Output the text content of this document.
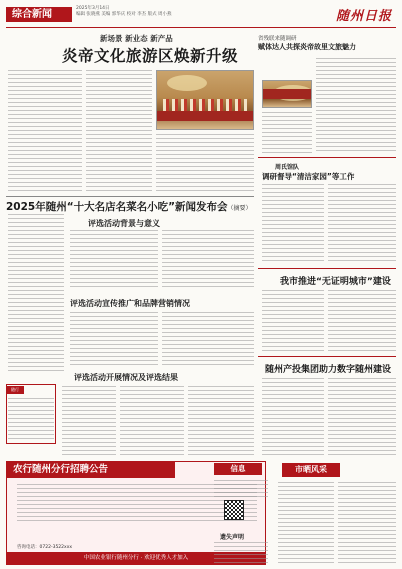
综合新闻
2025年3月14日
编辑 张晓燕 美编 郭华庆 校对 李杰 版式 周小燕	随州日报
新场景 新业态 新产品
炎帝文化旅游区焕新升级
省残联来随调研
赋体达人共探炎帝故里文旅魅力
周氏馆队
调研督导“清洁家园”等工作
我市推进“无证明城市”建设
随州产投集团助力数字随州建设
2025年随州“十大名店名菜名小吃”新闻发布会（摘要）
评选活动背景与意义
评选活动宣传推广和品牌营销情况
评选活动开展情况及评选结果
随行
农行随州分行招聘公告
咨询电话：0722-3522xxx
中国农业银行随州分行 · 欢迎优秀人才加入
信息
遗失声明
市晒风采
